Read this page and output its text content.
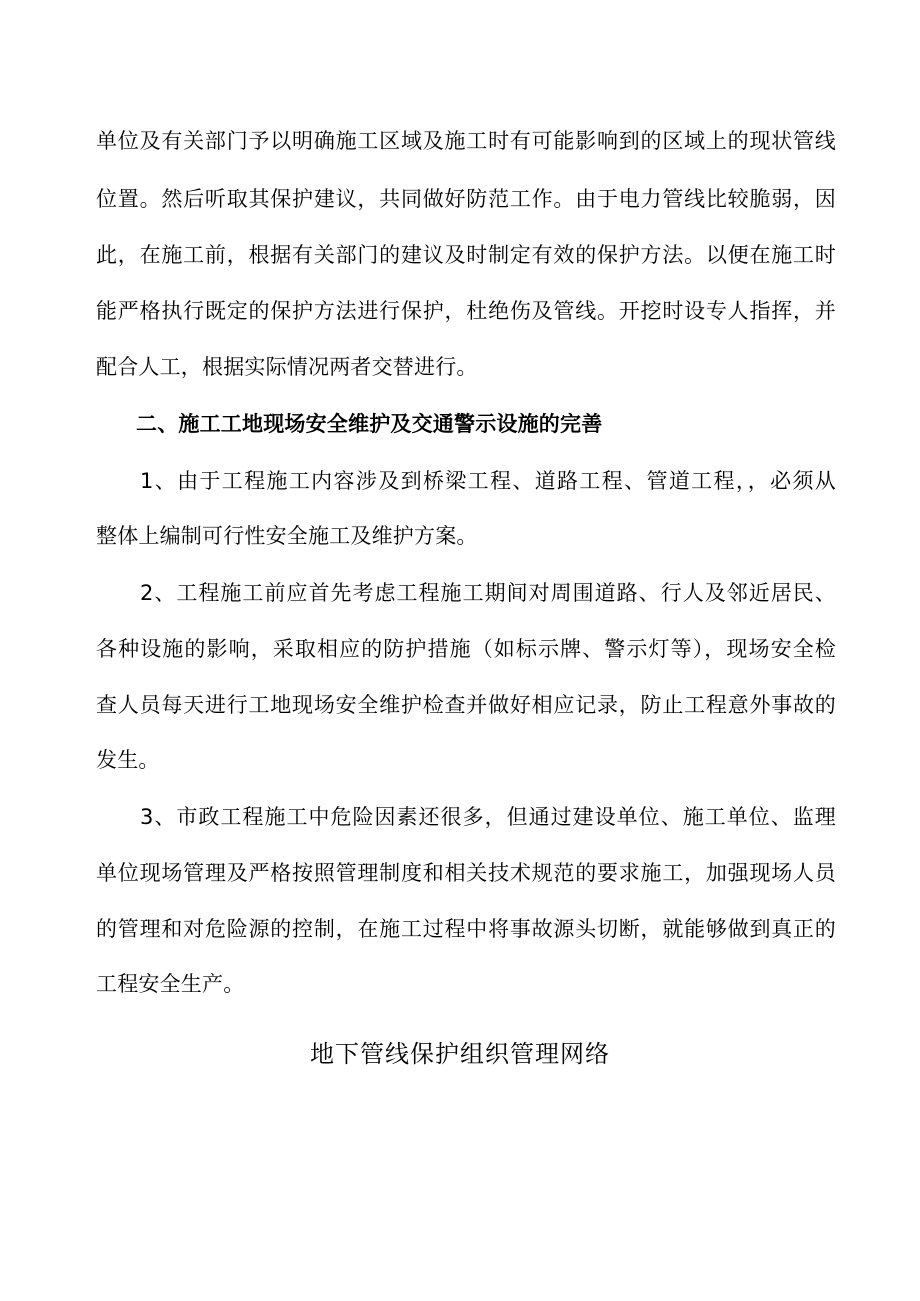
单位及有关部门予以明确施工区域及施工时有可能影响到的区域上的现状管线
位置。然后听取其保护建议，共同做好防范工作。由于电力管线比较脆弱，因
此，在施工前，根据有关部门的建议及时制定有效的保护方法。以便在施工时
能严格执行既定的保护方法进行保护，杜绝伤及管线。开挖时设专人指挥，并
配合人工，根据实际情况两者交替进行。
二、施工工地现场安全维护及交通警示设施的完善
1、由于工程施工内容涉及到桥梁工程、道路工程、管道工程，，必须从
整体上编制可行性安全施工及维护方案。
2、工程施工前应首先考虑工程施工期间对周围道路、行人及邻近居民、
各种设施的影响，采取相应的防护措施（如标示牌、警示灯等），现场安全检
查人员每天进行工地现场安全维护检查并做好相应记录，防止工程意外事故的
发生。
3、市政工程施工中危险因素还很多，但通过建设单位、施工单位、监理
单位现场管理及严格按照管理制度和相关技术规范的要求施工，加强现场人员
的管理和对危险源的控制，在施工过程中将事故源头切断，就能够做到真正的
工程安全生产。
地下管线保护组织管理网络
